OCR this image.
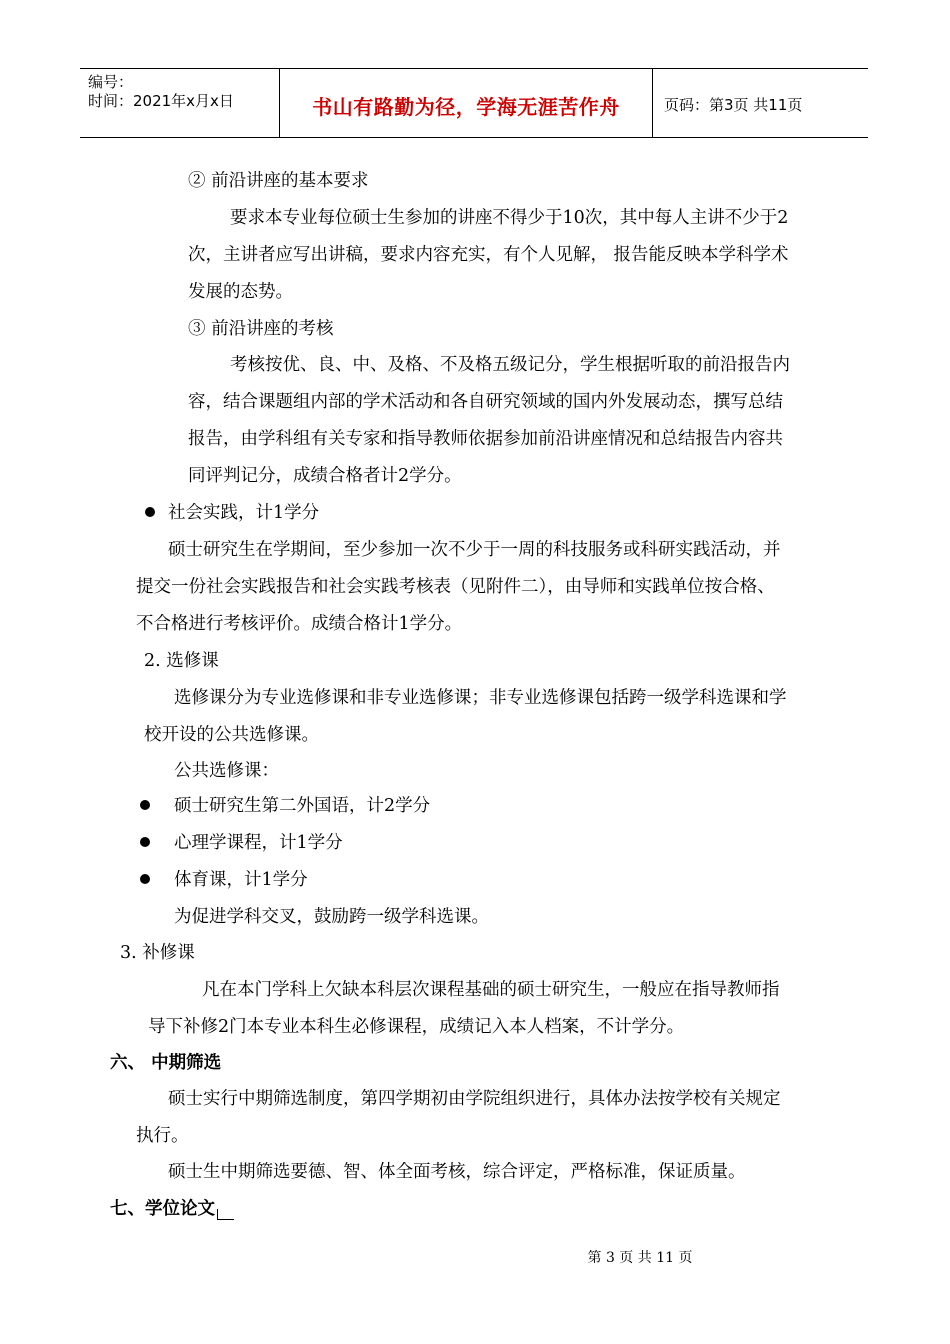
编号：
时间：2021年x月x日	书山有路勤为径，学海无涯苦作舟	页码：第3页 共11页
② 前沿讲座的基本要求
要求本专业每位硕士生参加的讲座不得少于10次，其中每人主讲不少于2
次，主讲者应写出讲稿，要求内容充实，有个人见解， 报告能反映本学科学术
发展的态势。
③ 前沿讲座的考核
考核按优、良、中、及格、不及格五级记分，学生根据听取的前沿报告内
容，结合课题组内部的学术活动和各自研究领域的国内外发展动态，撰写总结
报告，由学科组有关专家和指导教师依据参加前沿讲座情况和总结报告内容共
同评判记分，成绩合格者计2学分。
社会实践，计1学分
硕士研究生在学期间，至少参加一次不少于一周的科技服务或科研实践活动，并
提交一份社会实践报告和社会实践考核表（见附件二），由导师和实践单位按合格、
不合格进行考核评价。成绩合格计1学分。
2. 选修课
选修课分为专业选修课和非专业选修课；非专业选修课包括跨一级学科选课和学
校开设的公共选修课。
公共选修课：
硕士研究生第二外国语，计2学分
心理学课程，计1学分
体育课，计1学分
为促进学科交叉，鼓励跨一级学科选课。
3. 补修课
凡在本门学科上欠缺本科层次课程基础的硕士研究生，一般应在指导教师指
导下补修2门本专业本科生必修课程，成绩记入本人档案，不计学分。
六、 中期筛选
硕士实行中期筛选制度，第四学期初由学院组织进行，具体办法按学校有关规定
执行。
硕士生中期筛选要德、智、体全面考核，综合评定，严格标准，保证质量。
七、学位论文
第 3 页 共 11 页
